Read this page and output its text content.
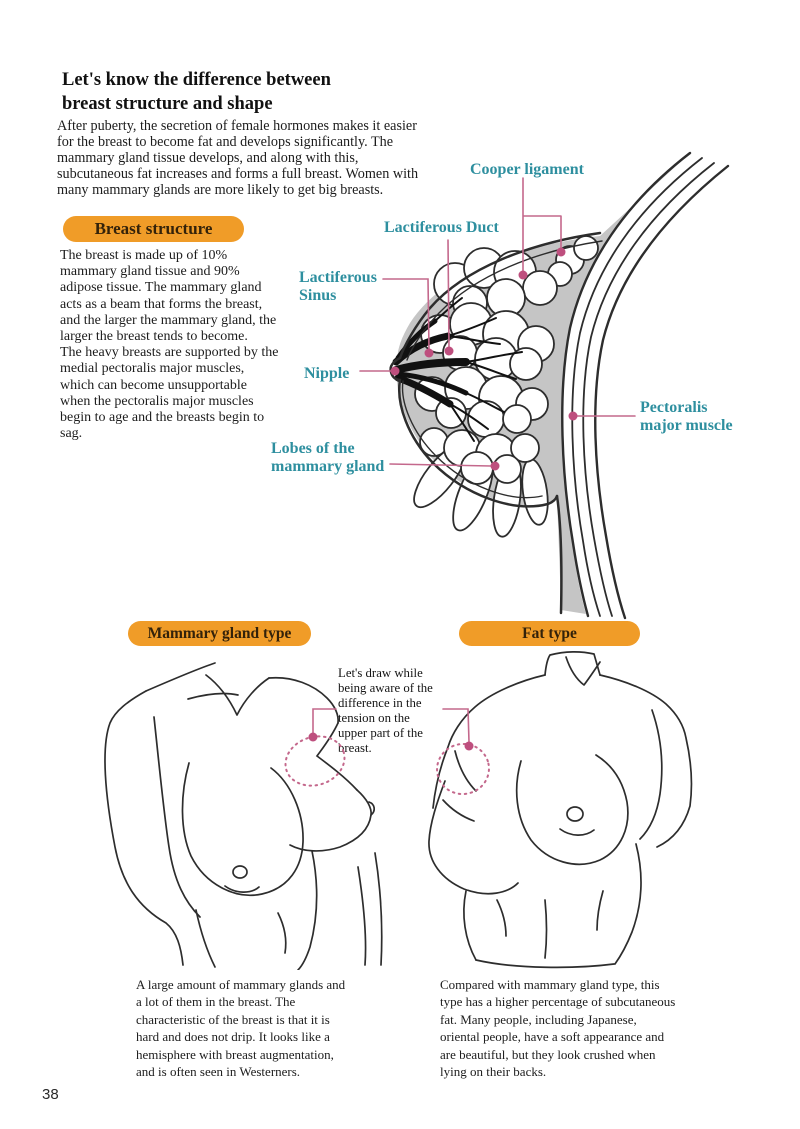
Let's know the difference between breast structure and shape
After puberty, the secretion of female hormones makes it easier for the breast to become fat and develops significantly. The mammary gland tissue develops, and along with this, subcutaneous fat increases and forms a full breast. Women with many mammary glands are more likely to get big breasts.
Breast structure
The breast is made up of 10% mammary gland tissue and 90% adipose tissue. The mammary gland acts as a beam that forms the breast, and the larger the mammary gland, the larger the breast tends to become.
The heavy breasts are supported by the medial pectoralis major muscles, which can become unsupportable when the pectoralis major muscles begin to age and the breasts begin to sag.
Cooper ligament
Lactiferous Duct
Lactiferous Sinus
Nipple
Lobes of the mammary gland
Pectoralis major muscle
Mammary gland type	Fat type
Let's draw while being aware of the difference in the tension on the upper part of the breast.
A large amount of mammary glands and a lot of them in the breast. The characteristic of the breast is that it is hard and does not drip. It looks like a hemisphere with breast augmentation, and is often seen in Westerners.
Compared with mammary gland type, this type has a higher percentage of subcutaneous fat. Many people, including Japanese, oriental people, have a soft appearance and are beautiful, but they look crushed when lying on their backs.
38
